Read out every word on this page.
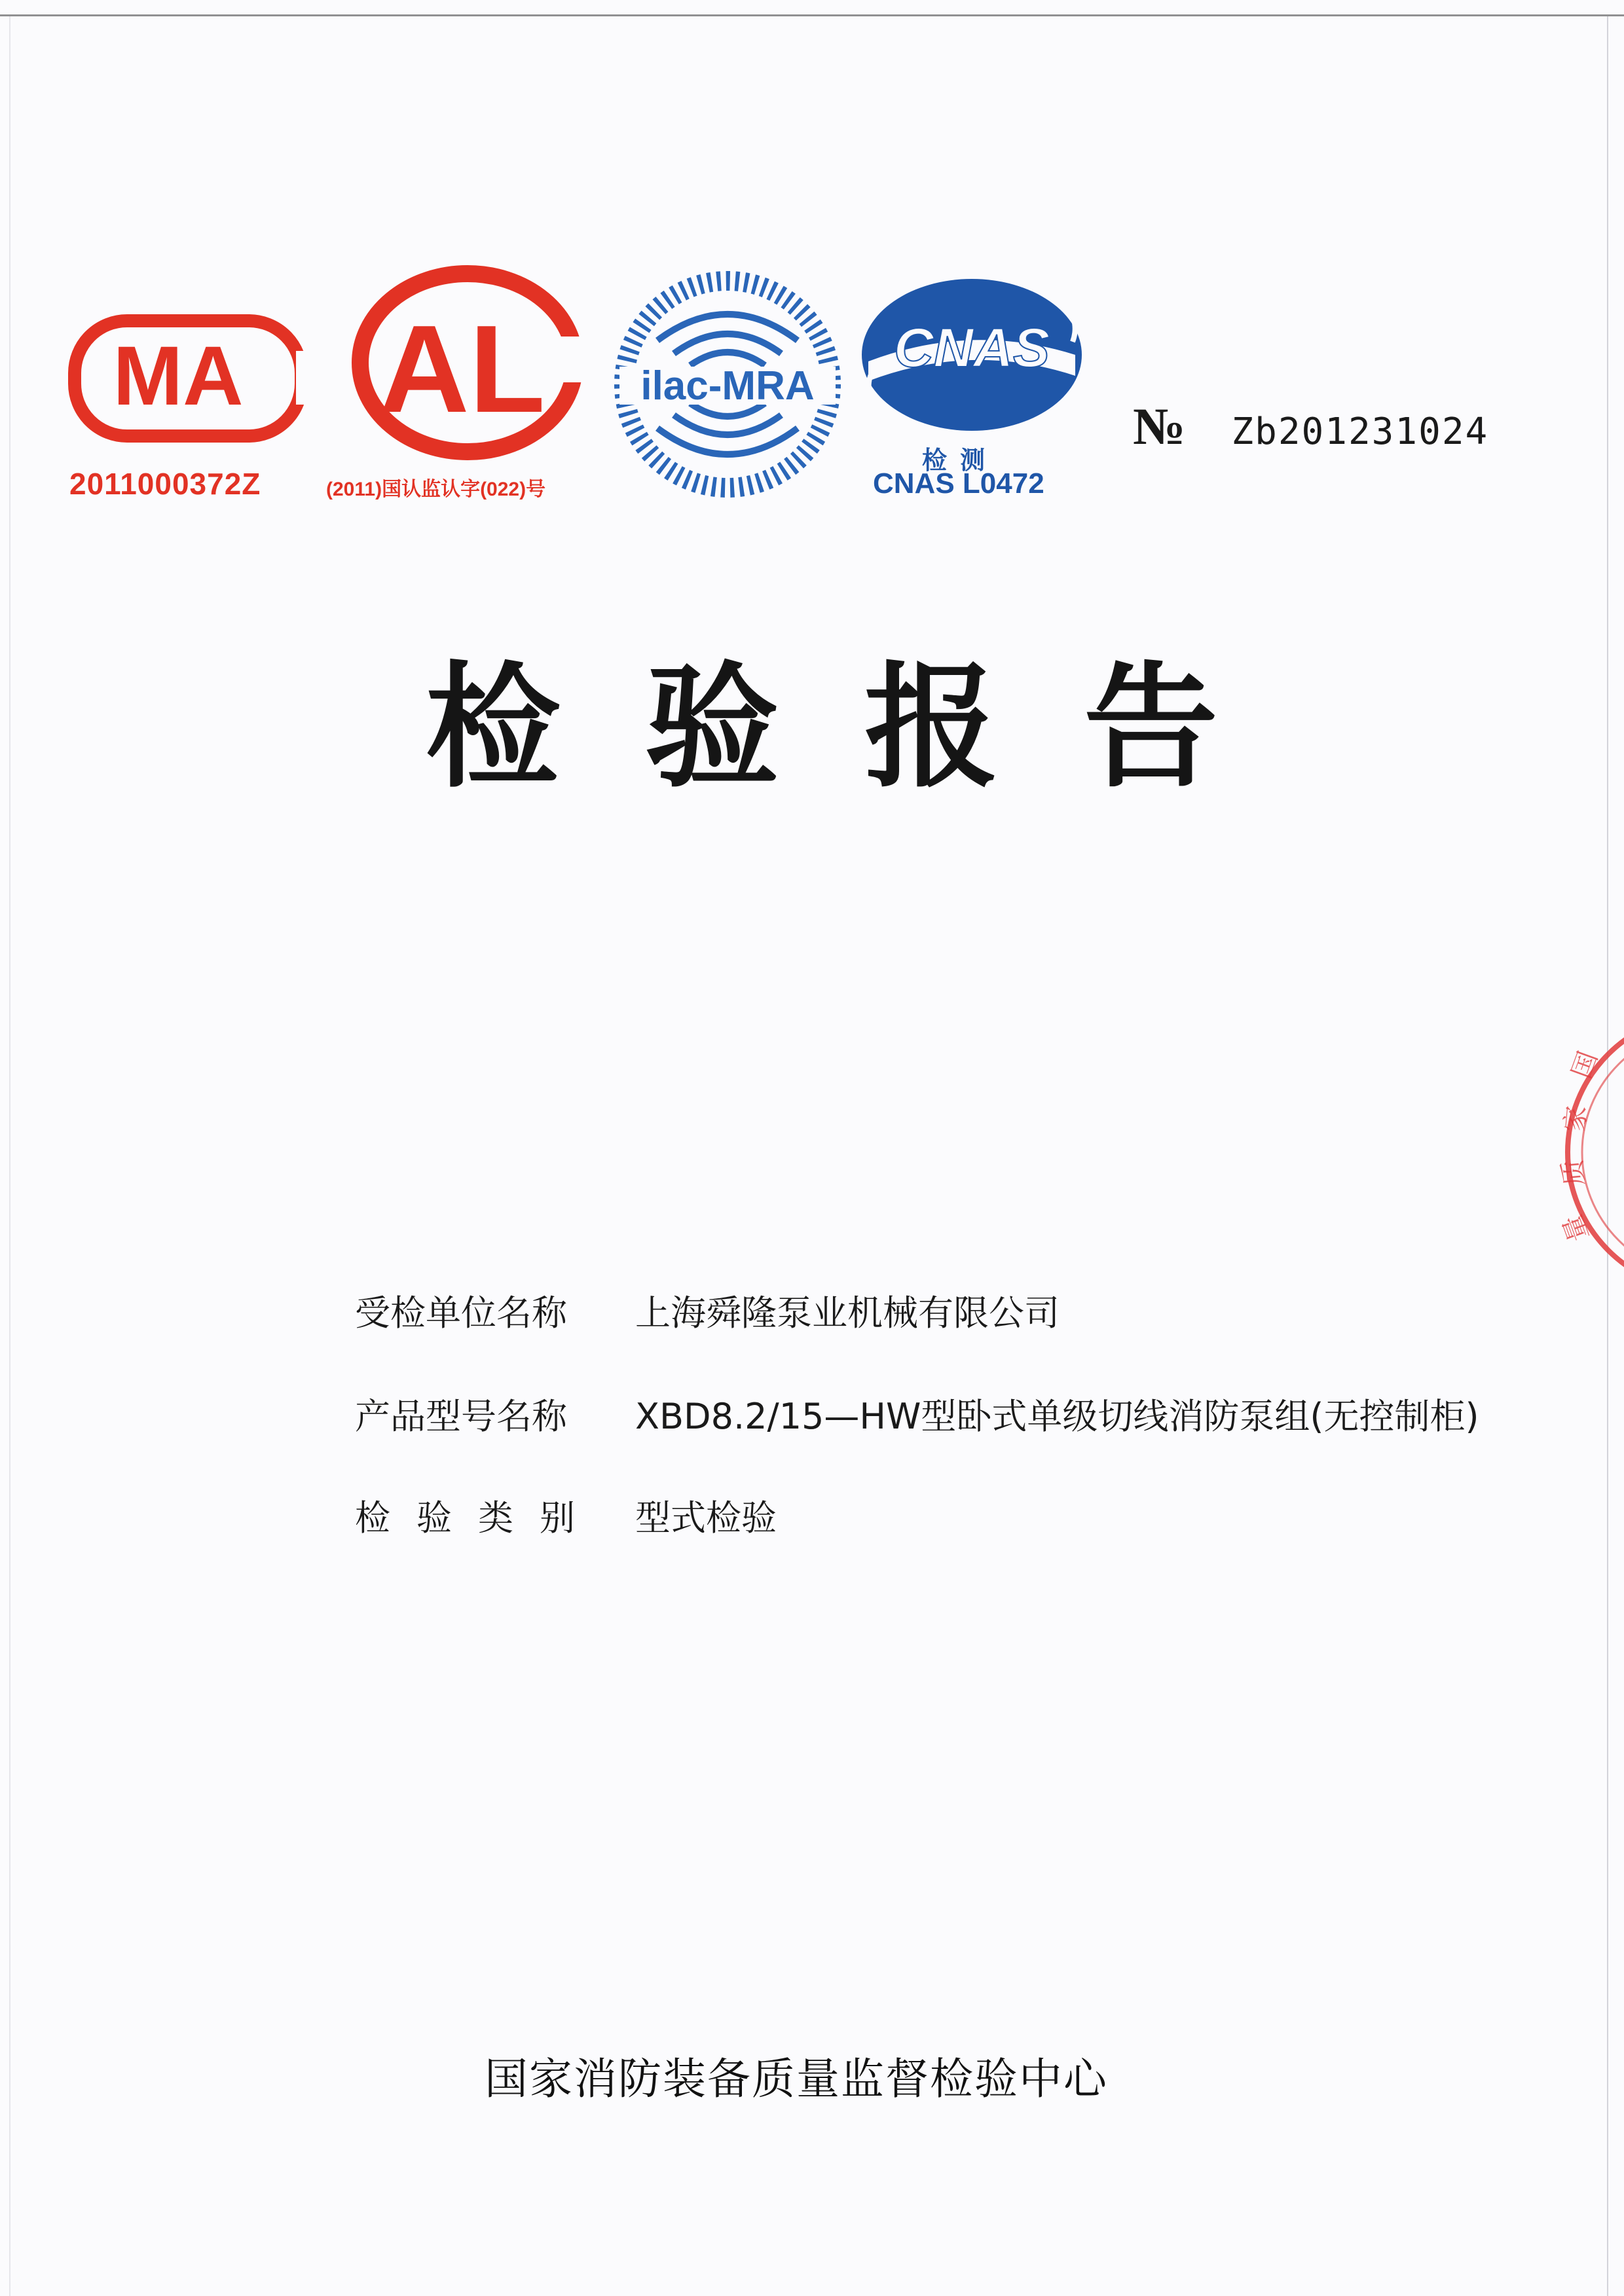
MA
2011000372Z
AL
(2011)国认监认字(022)号
ilac-MRA
CNAS
检测
CNAS L0472
№ Zb201231024
检验报告
受检单位名称	上海舜隆泵业机械有限公司
产品型号名称	XBD8.2/15—HW型卧式单级切线消防泵组(无控制柜)
检验类别 型式检验
国
家
质
量
国家消防装备质量监督检验中心
